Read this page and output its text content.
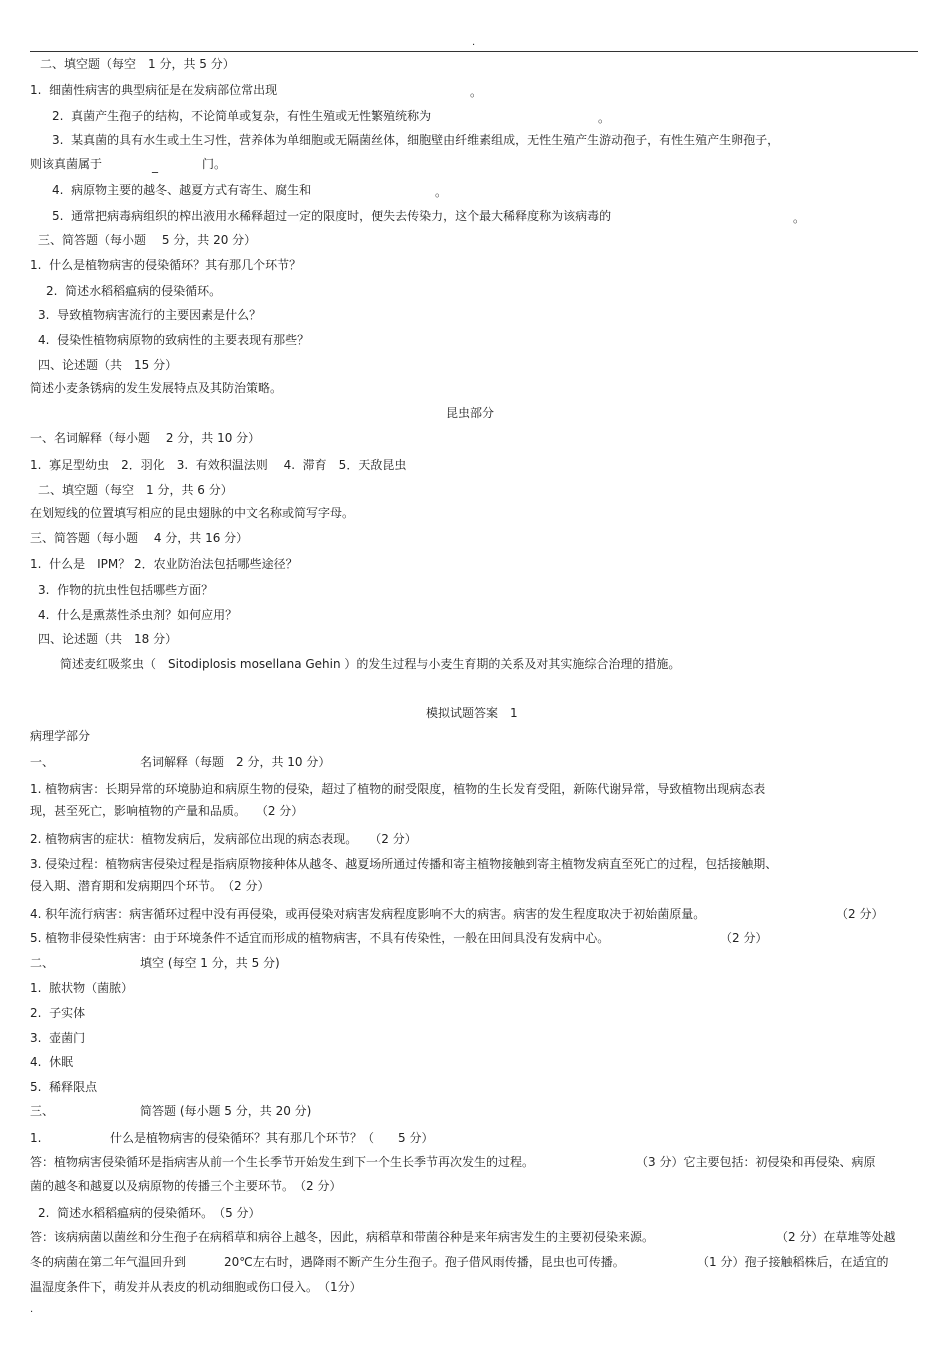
.
二、填空题（每空　1 分，共 5 分）
1.  细菌性病害的典型病征是在发病部位常出现	。
2.  真菌产生孢子的结构，不论简单或复杂，有性生殖或无性繁殖统称为	。
3.  某真菌的具有水生或土生习性，营养体为单细胞或无隔菌丝体，细胞壁由纤维素组成，无性生殖产生游动孢子，有性生殖产生卵孢子，
则该真菌属于	_	门。
4.  病原物主要的越冬、越夏方式有寄生、腐生和	。
5.  通常把病毒病组织的榨出液用水稀释超过一定的限度时，便失去传染力，这个最大稀释度称为该病毒的	。
三、简答题（每小题　 5 分，共 20 分）
1.  什么是植物病害的侵染循环？其有那几个环节？
2.  简述水稻稻瘟病的侵染循环。
3.  导致植物病害流行的主要因素是什么？
4.  侵染性植物病原物的致病性的主要表现有那些？
四、论述题（共　15 分）
简述小麦条锈病的发生发展特点及其防治策略。
昆虫部分
一、名词解释（每小题　 2 分，共 10 分）
1.  寡足型幼虫　2．羽化　3.  有效积温法则　 4.  滞育　5．天敌昆虫
二、填空题（每空　1 分，共 6 分）
在划短线的位置填写相应的昆虫翅脉的中文名称或简写字母。
三、简答题（每小题　 4 分，共 16 分）
1.  什么是　IPM？ 2．农业防治法包括哪些途径？
3.  作物的抗虫性包括哪些方面？
4.  什么是熏蒸性杀虫剂？如何应用？
四、论述题（共　18 分）
简述麦红吸浆虫（　Sitodiplosis mosellana Gehin ）的发生过程与小麦生育期的关系及对其实施综合治理的措施。
模拟试题答案　1
病理学部分
一、	名词解释（每题　2 分，共 10 分）
1. 植物病害：长期异常的环境胁迫和病原生物的侵染，超过了植物的耐受限度，植物的生长发育受阻，新陈代谢异常，导致植物出现病态表
现，甚至死亡，影响植物的产量和品质。　 （2 分）
2. 植物病害的症状：植物发病后，发病部位出现的病态表现。　　（2 分）
3. 侵染过程：植物病害侵染过程是指病原物接种体从越冬、越夏场所通过传播和寄主植物接触到寄主植物发病直至死亡的过程，包括接触期、
侵入期、潜育期和发病期四个环节。　（2 分）
4. 积年流行病害：病害循环过程中没有再侵染，或再侵染对病害发病程度影响不大的病害。病害的发生程度取决于初始菌原量。	（2 分）
5. 植物非侵染性病害：由于环境条件不适宜而形成的植物病害，不具有传染性，一般在田间具没有发病中心。	（2 分）
二、	填空 (每空 1 分，共 5 分)
1.  脓状物（菌脓）
2.  子实体
3.  壶菌门
4.  休眠
5.  稀释限点
三、	简答题 (每小题 5 分，共 20 分)
1.	什么是植物病害的侵染循环？其有那几个环节？（　　5 分）
答：植物病害侵染循环是指病害从前一个生长季节开始发生到下一个生长季节再次发生的过程。	（3 分）它主要包括：初侵染和再侵染、病原
菌的越冬和越夏以及病原物的传播三个主要环节。　（2 分）
2.  简述水稻稻瘟病的侵染循环。　（5 分）
答：该病病菌以菌丝和分生孢子在病稻草和病谷上越冬，因此，病稻草和带菌谷种是来年病害发生的主要初侵染来源。	（2 分）在草堆等处越
冬的病菌在第二年气温回升到	20℃左右时，遇降雨不断产生分生孢子。孢子借风雨传播，昆虫也可传播。	（1 分）孢子接触稻株后，在适宜的
温湿度条件下，萌发并从表皮的机动细胞或伤口侵入。　（1分）
.
